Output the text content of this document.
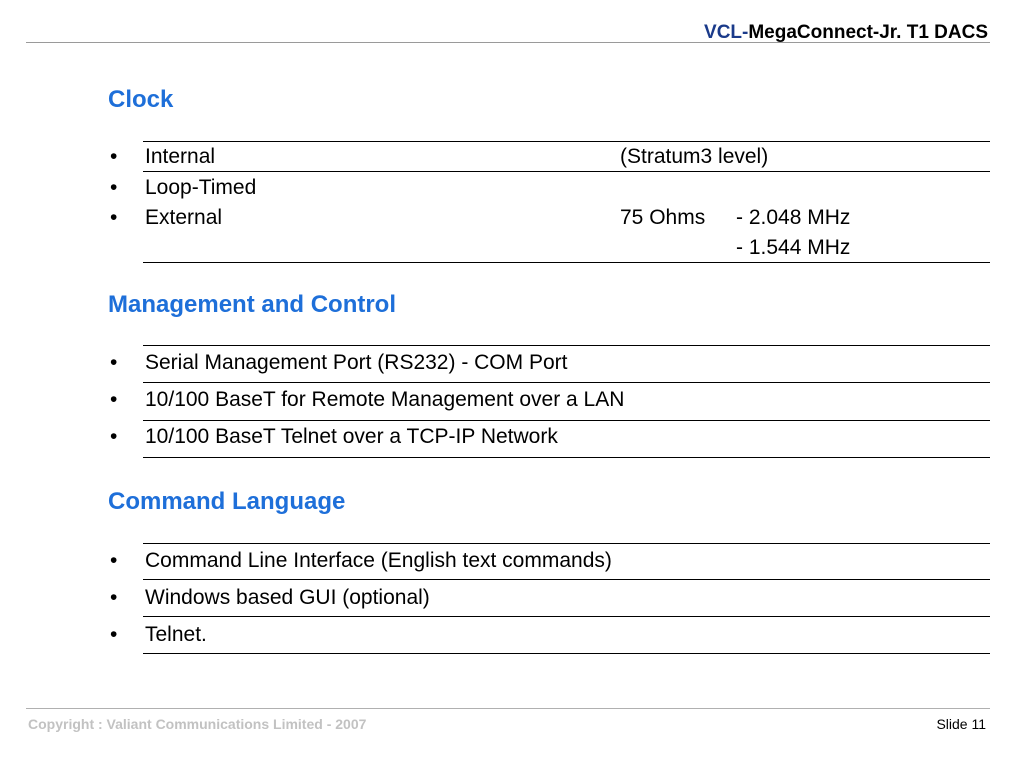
VCL-MegaConnect-Jr. T1 DACS
Clock
• Internal	(Stratum3 level)
• Loop-Timed
• External	75 Ohms - 2.048 MHz
- 1.544 MHz
Management and Control
• Serial Management Port (RS232) - COM Port
• 10/100 BaseT for Remote Management over a LAN
• 10/100 BaseT Telnet over a TCP-IP Network
Command Language
• Command Line Interface (English text commands)
• Windows based GUI (optional)
• Telnet.
Copyright : Valiant Communications Limited - 2007	Slide 11
